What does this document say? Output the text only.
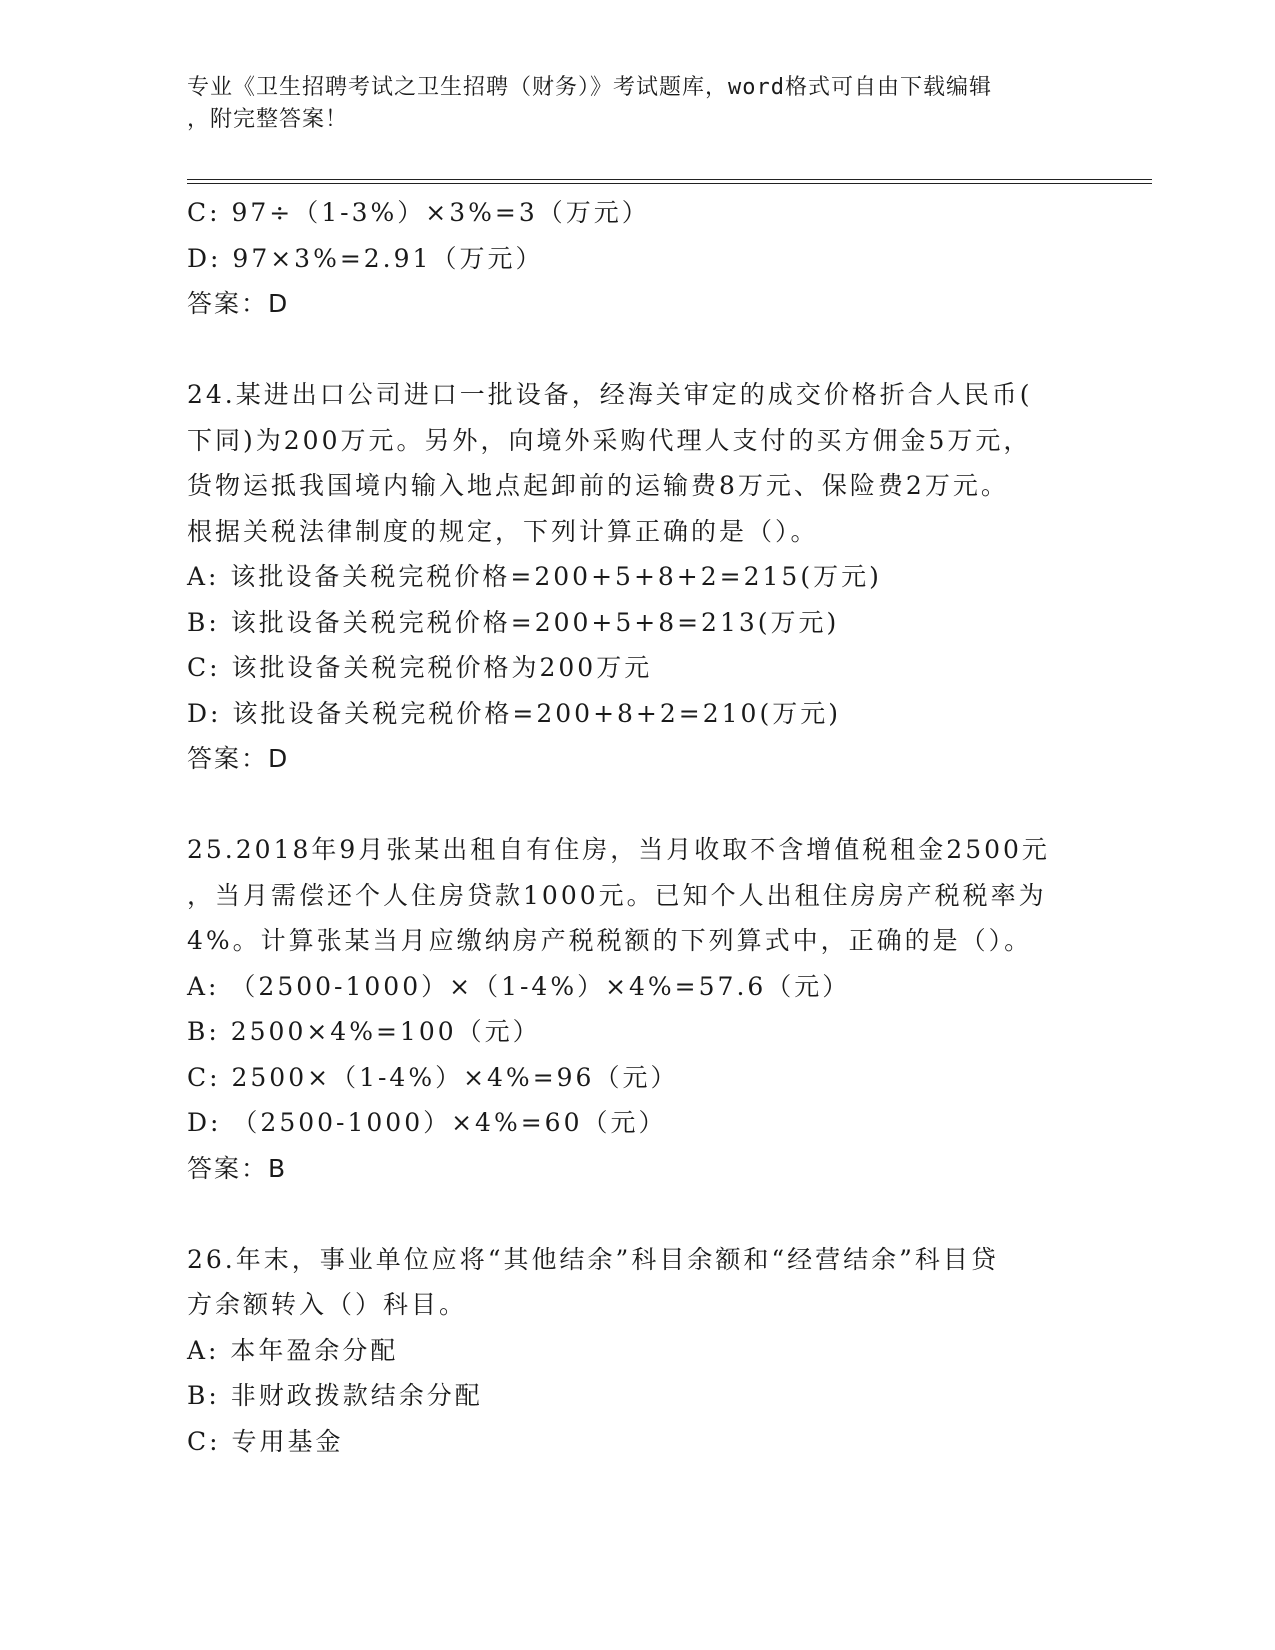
专业《卫生招聘考试之卫生招聘（财务）》考试题库，word格式可自由下载编辑
，附完整答案！
C: 97÷（1-3%）×3%=3（万元）
D: 97×3%=2.91（万元）
答案：D
24.某进出口公司进口一批设备，经海关审定的成交价格折合人民币(
下同)为200万元。另外，向境外采购代理人支付的买方佣金5万元，
货物运抵我国境内输入地点起卸前的运输费8万元、保险费2万元。
根据关税法律制度的规定，下列计算正确的是（）。
A: 该批设备关税完税价格=200+5+8+2=215(万元)
B: 该批设备关税完税价格=200+5+8=213(万元)
C: 该批设备关税完税价格为200万元
D: 该批设备关税完税价格=200+8+2=210(万元)
答案：D
25.2018年9月张某出租自有住房，当月收取不含增值税租金2500元
，当月需偿还个人住房贷款1000元。已知个人出租住房房产税税率为
4%。计算张某当月应缴纳房产税税额的下列算式中，正确的是（）。
A: （2500-1000）×（1-4%）×4%=57.6（元）
B: 2500×4%=100（元）
C: 2500×（1-4%）×4%=96（元）
D: （2500-1000）×4%=60（元）
答案：B
26.年末，事业单位应将“其他结余”科目余额和“经营结余”科目贷
方余额转入（）科目。
A: 本年盈余分配
B: 非财政拨款结余分配
C: 专用基金
